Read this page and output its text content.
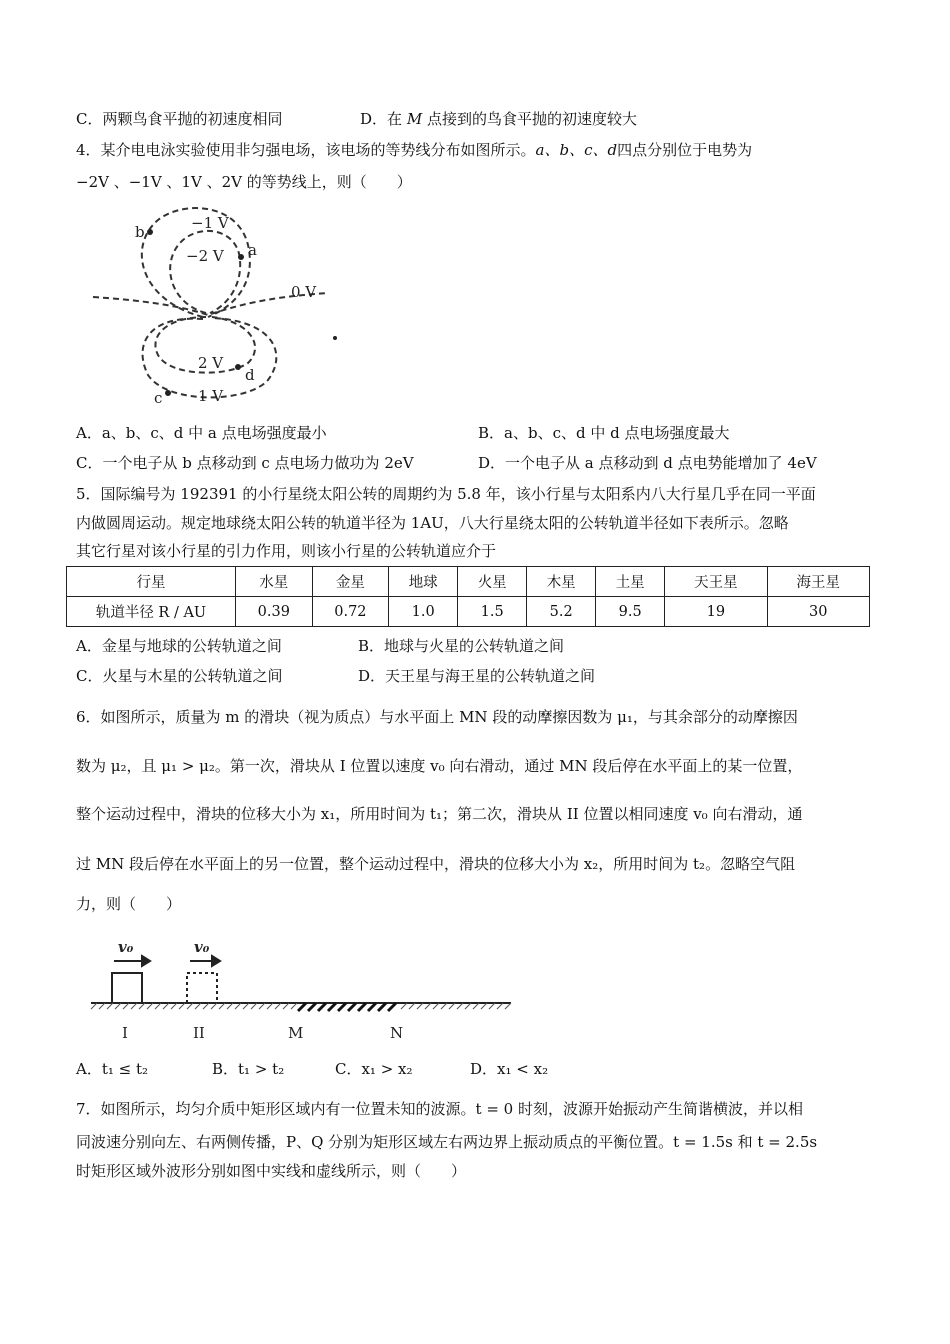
C．两颗鸟食平抛的初速度相同	D．在 M 点接到的鸟食平抛的初速度较大
4．某介电电泳实验使用非匀强电场，该电场的等势线分布如图所示。a、b、c、d四点分别位于电势为
−2V 、−1V 、1V 、2V 的等势线上，则（　　）
−1 V
−2 V
0 V
2 V
1 V
a
b
c
d
A．a、b、c、d 中 a 点电场强度最小	B．a、b、c、d 中 d 点电场强度最大
C．一个电子从 b 点移动到 c 点电场力做功为 2eV	D．一个电子从 a 点移动到 d 点电势能增加了 4eV
5．国际编号为 192391 的小行星绕太阳公转的周期约为 5.8 年，该小行星与太阳系内八大行星几乎在同一平面
内做圆周运动。规定地球绕太阳公转的轨道半径为 1AU，八大行星绕太阳的公转轨道半径如下表所示。忽略
其它行星对该小行星的引力作用，则该小行星的公转轨道应介于
行星	水星	金星	地球	火星	木星	土星	天王星	海王星
轨道半径 R / AU	0.39	0.72	1.0	1.5	5.2	9.5	19	30
A．金星与地球的公转轨道之间	B．地球与火星的公转轨道之间
C．火星与木星的公转轨道之间	D．天王星与海王星的公转轨道之间
6．如图所示，质量为 m 的滑块（视为质点）与水平面上 MN 段的动摩擦因数为 μ₁，与其余部分的动摩擦因
数为 μ₂，且 μ₁ > μ₂。第一次，滑块从 I 位置以速度 v₀ 向右滑动，通过 MN 段后停在水平面上的某一位置，
整个运动过程中，滑块的位移大小为 x₁，所用时间为 t₁；第二次，滑块从 II 位置以相同速度 v₀ 向右滑动，通
过 MN 段后停在水平面上的另一位置，整个运动过程中，滑块的位移大小为 x₂，所用时间为 t₂。忽略空气阻
力，则（　　）
v₀	v₀
I	II	M	N
A．t₁ ≤ t₂	B．t₁ > t₂	C．x₁ > x₂	D．x₁ < x₂
7．如图所示，均匀介质中矩形区域内有一位置未知的波源。t = 0 时刻，波源开始振动产生简谐横波，并以相
同波速分别向左、右两侧传播，P、Q 分别为矩形区域左右两边界上振动质点的平衡位置。t = 1.5s 和 t = 2.5s
时矩形区域外波形分别如图中实线和虚线所示，则（　　）
